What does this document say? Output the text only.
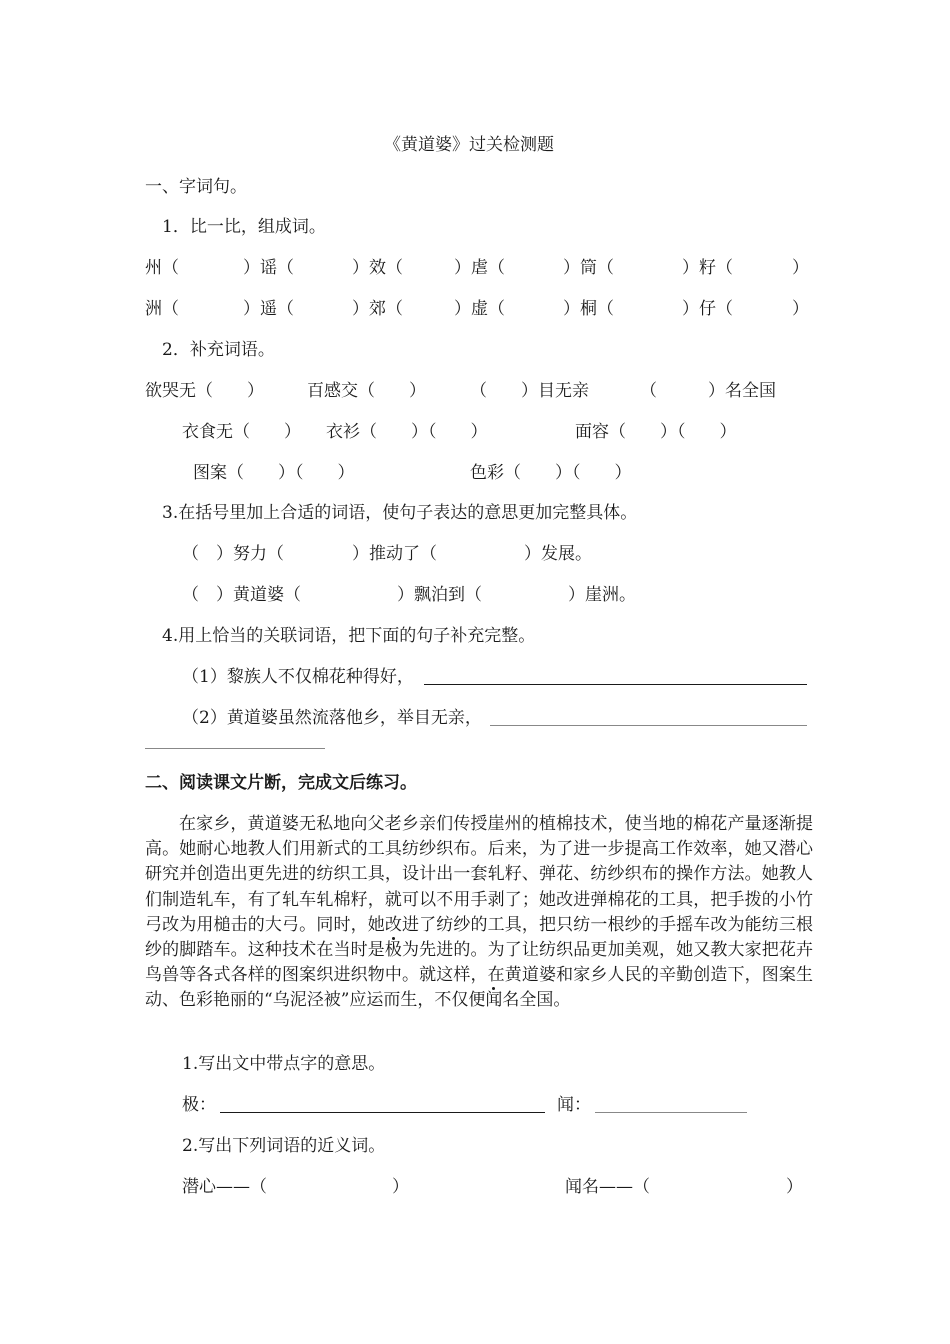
《黄道婆》过关检测题
一、字词句。
1．比一比，组成词。
州（	）谣（	）效（	）虐（	）筒（	）籽（	）
洲（	）遥（	）郊（	）虚（	）桐（	）仔（	）
2．补充词语。
欲哭无（　　）	百感交（　　）	（　　）目无亲	（　　　）名全国
衣食无（　　） 衣衫（　　）（　　）	面容（　　）（　　）
图案（　　）（　　）	色彩（　　）（　　）
3.在括号里加上合适的词语，使句子表达的意思更加完整具体。
（　）努力（	）推动了（	）发展。
（　）黄道婆（	）飘泊到（	）崖洲。
4.用上恰当的关联词语，把下面的句子补充完整。
（1）黎族人不仅棉花种得好，
（2）黄道婆虽然流落他乡，举目无亲，
二、阅读课文片断，完成文后练习。
在家乡，黄道婆无私地向父老乡亲们传授崖州的植棉技术，使当地的棉花产量逐渐提高。她耐心地教人们用新式的工具纺纱织布。后来，为了进一步提高工作效率，她又潜心研究并创造出更先进的纺织工具，设计出一套轧籽、弹花、纺纱织布的操作方法。她教人们制造轧车，有了轧车轧棉籽，就可以不用手剥了；她改进弹棉花的工具，把手拨的小竹弓改为用槌击的大弓。同时，她改进了纺纱的工具，把只纺一根纱的手摇车改为能纺三根纱的脚踏车。这种技术在当时是极为先进的。为了让纺织品更加美观，她又教大家把花卉鸟兽等各式各样的图案织进织物中。就这样，在黄道婆和家乡人民的辛勤创造下，图案生动、色彩艳丽的“乌泥泾被”应运而生，不仅便闻名全国。
1.写出文中带点字的意思。
极：	闻：
2.写出下列词语的近义词。
潜心——（	）	闻名——（	）
